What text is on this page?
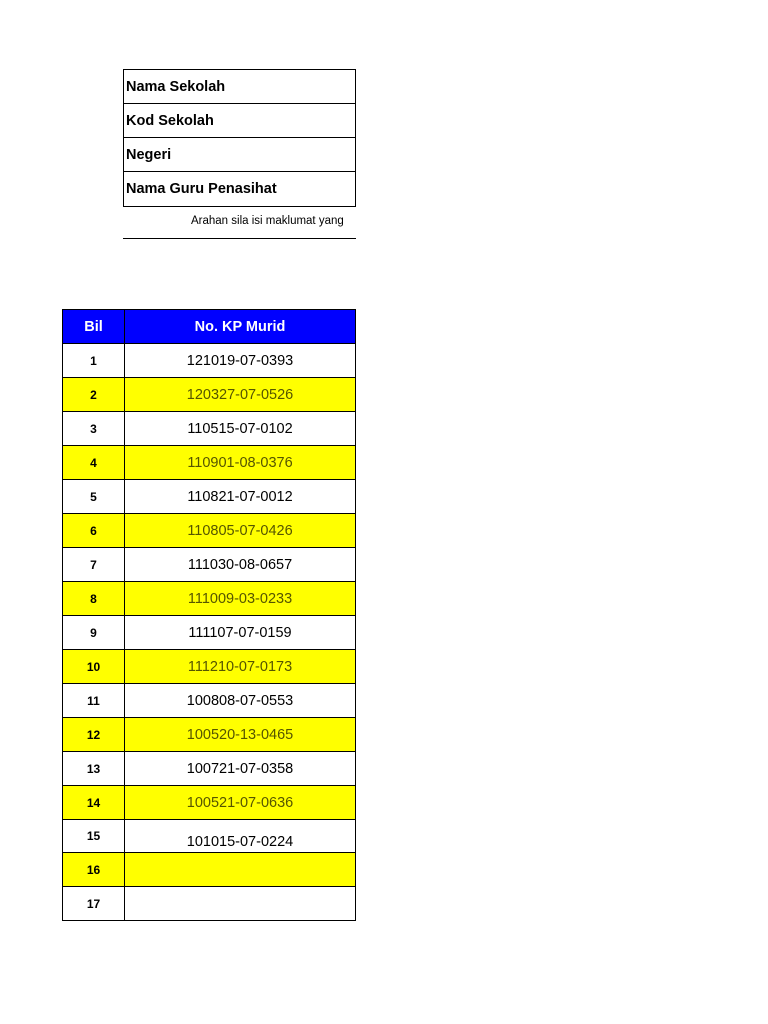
Nama Sekolah
Kod Sekolah
Negeri
Nama Guru Penasihat
Arahan sila isi maklumat yang
Bil	No. KP Murid
1	121019-07-0393
2	120327-07-0526
3	110515-07-0102
4	110901-08-0376
5	110821-07-0012
6	110805-07-0426
7	111030-08-0657
8	111009-03-0233
9	111107-07-0159
10	111210-07-0173
11	100808-07-0553
12	100520-13-0465
13	100721-07-0358
14	100521-07-0636
15	101015-07-0224
16
17
